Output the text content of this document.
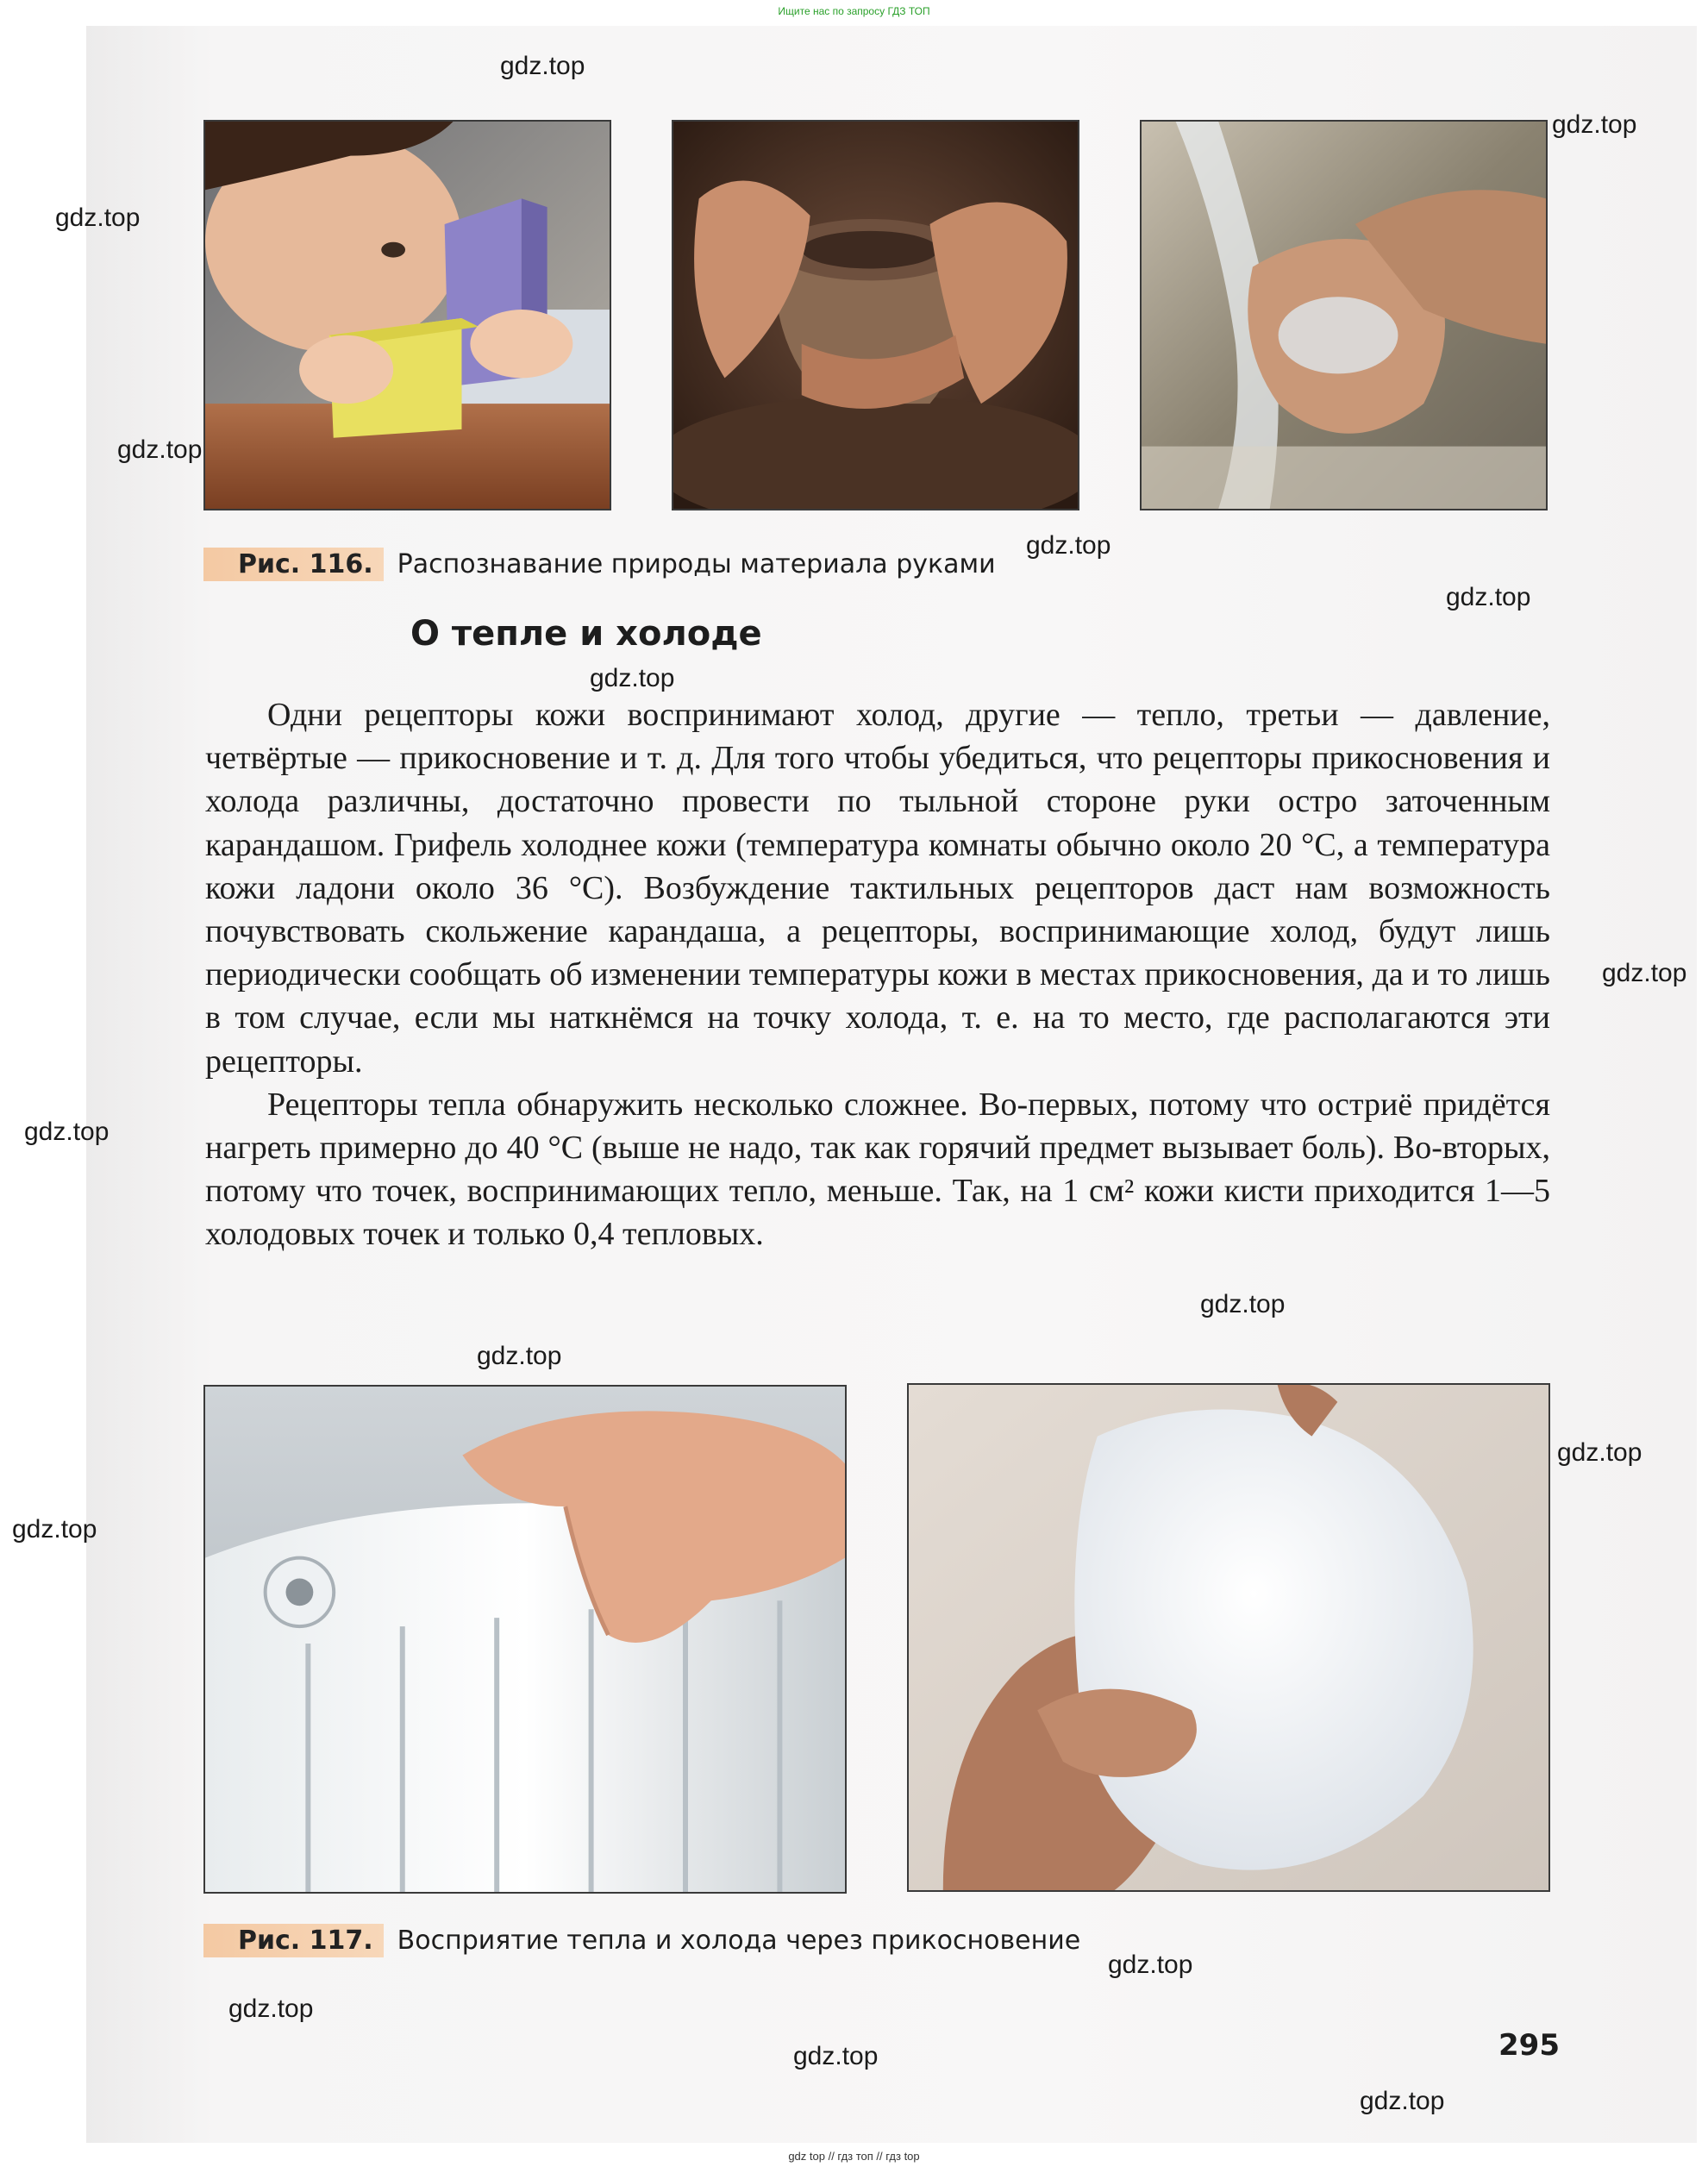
Ищите нас по запросу ГДЗ ТОП
Рис. 116. Распознавание природы материала руками
О тепле и холоде

Одни рецепторы кожи воспринимают холод, другие — тепло, третьи — давление, четвёртые — прикосновение и т. д. Для того чтобы убедиться, что рецепторы прикосновения и холода различны, достаточно провести по тыльной стороне руки остро заточенным карандашом. Грифель холоднее кожи (температура комнаты обычно около 20 °С, а температура кожи ладони около 36 °С). Возбуждение тактильных рецепторов даст нам возможность почувствовать скольжение карандаша, а рецепторы, воспринимающие холод, будут лишь периодически сообщать об изменении температуры кожи в местах прикосновения, да и то лишь в том случае, если мы наткнёмся на точку холода, т. е. на то место, где располагаются эти рецепторы.

Рецепторы тепла обнаружить несколько сложнее. Во-первых, потому что остриё придётся нагреть примерно до 40 °С (выше не надо, так как горячий предмет вызывает боль). Во-вторых, потому что точек, воспринимающих тепло, меньше. Так, на 1 см² кожи кисти приходится 1—5 холодовых точек и только 0,4 тепловых.

Рис. 117. Восприятие тепла и холода через прикосновение
295
gdz.top
gdz.top
gdz.top
gdz.top
gdz.top
gdz.top
gdz.top
gdz.top
gdz.top
gdz.top
gdz.top
gdz.top
gdz.top
gdz.top
gdz.top
gdz.top
gdz.top
gdz top // гдз топ // гдз top
